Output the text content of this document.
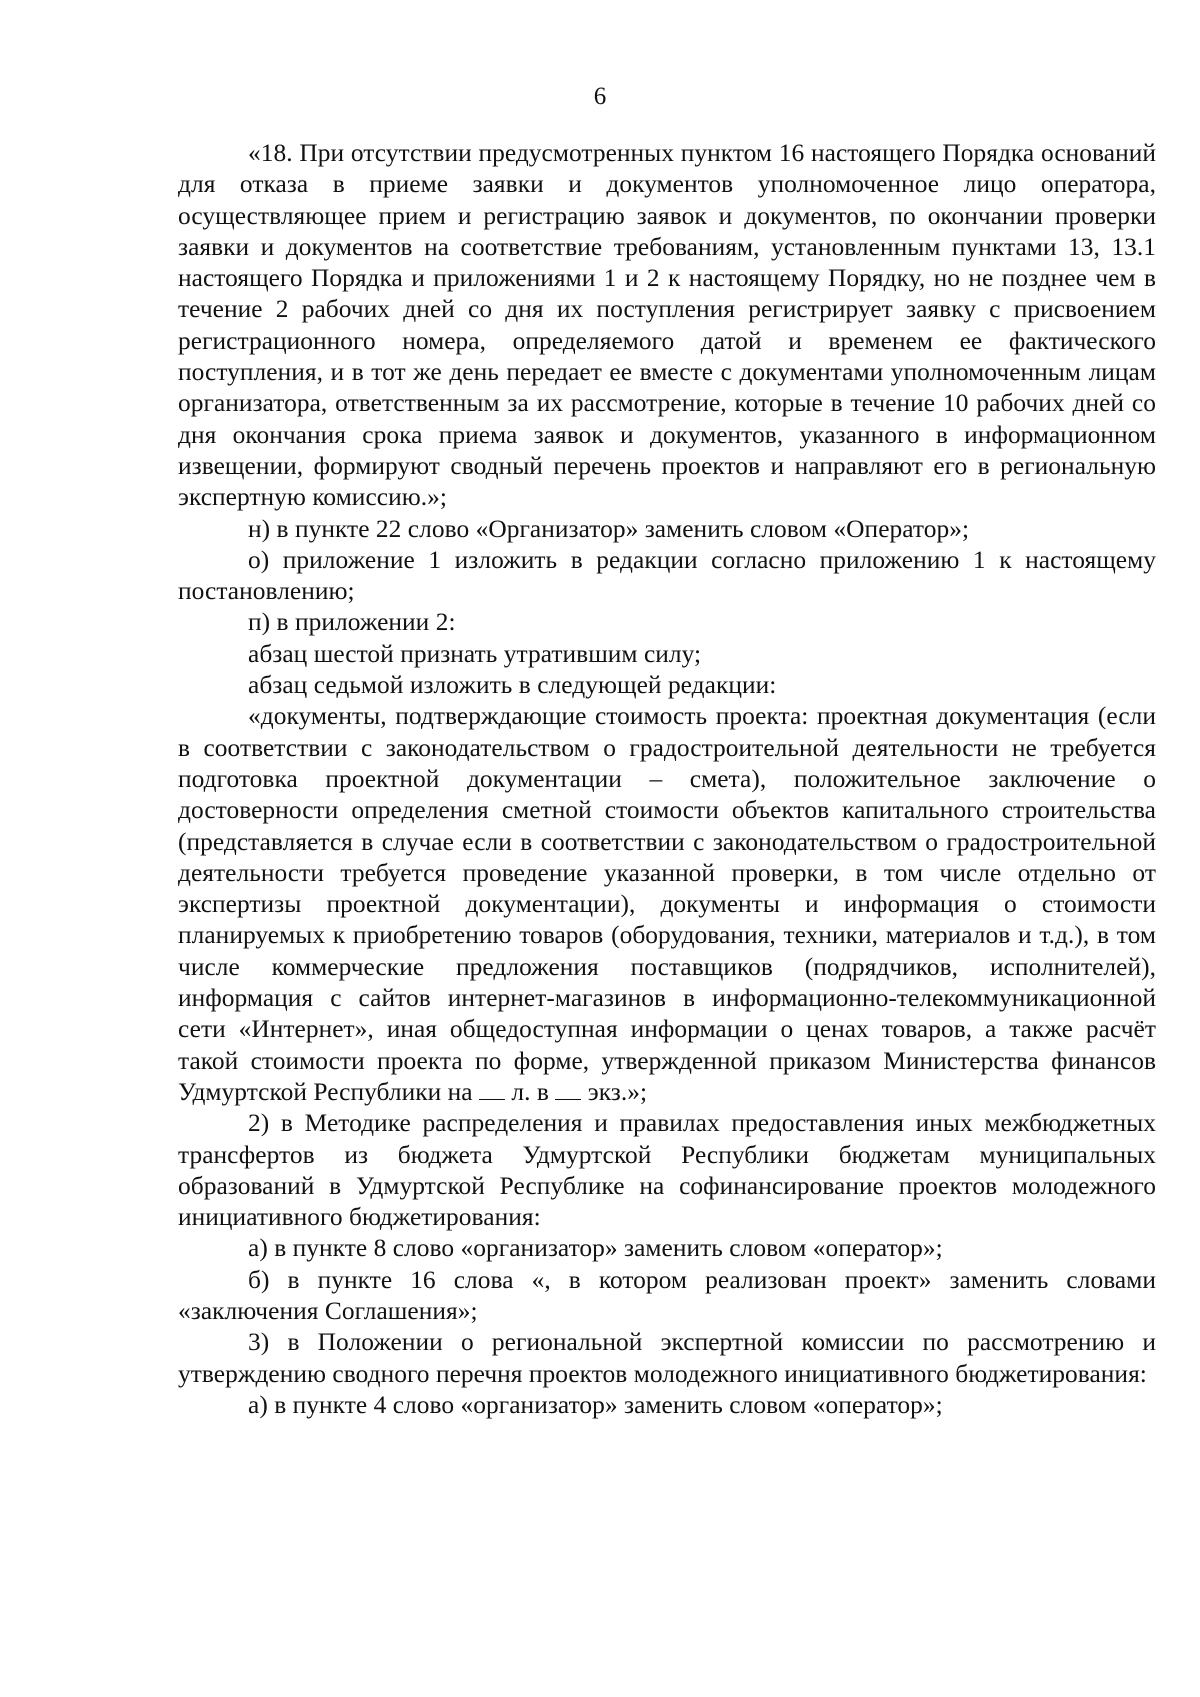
6

«18. При отсутствии предусмотренных пунктом 16 настоящего Порядка оснований для отказа в приеме заявки и документов уполномоченное лицо оператора, осуществляющее прием и регистрацию заявок и документов, по окончании проверки заявки и документов на соответствие требованиям, установленным пунктами 13, 13.1 настоящего Порядка и приложениями 1 и 2 к настоящему Порядку, но не позднее чем в течение 2 рабочих дней со дня их поступления регистрирует заявку с присвоением регистрационного номера, определяемого датой и временем ее фактического поступления, и в тот же день передает ее вместе с документами уполномоченным лицам организатора, ответственным за их рассмотрение, которые в течение 10 рабочих дней со дня окончания срока приема заявок и документов, указанного в информационном извещении, формируют сводный перечень проектов и направляют его в региональную экспертную комиссию.»;

н) в пункте 22 слово «Организатор» заменить словом «Оператор»;

о) приложение 1 изложить в редакции согласно приложению 1 к настоящему постановлению;

п) в приложении 2:

абзац шестой признать утратившим силу;

абзац седьмой изложить в следующей редакции:

«документы, подтверждающие стоимость проекта: проектная документация (если в соответствии с законодательством о градостроительной деятельности не требуется подготовка проектной документации – смета), положительное заключение о достоверности определения сметной стоимости объектов капитального строительства (представляется в случае если в соответствии с законодательством о градостроительной деятельности требуется проведение указанной проверки, в том числе отдельно от экспертизы проектной документации), документы и информация о стоимости планируемых к приобретению товаров (оборудования, техники, материалов и т.д.), в том числе коммерческие предложения поставщиков (подрядчиков, исполнителей), информация с сайтов интернет-магазинов в информационно-телекоммуникационной сети «Интернет», иная общедоступная информации о ценах товаров, а также расчёт такой стоимости проекта по форме, утвержденной приказом Министерства финансов Удмуртской Республики на л. в экз.»;

2) в Методике распределения и правилах предоставления иных межбюджетных трансфертов из бюджета Удмуртской Республики бюджетам муниципальных образований в Удмуртской Республике на софинансирование проектов молодежного инициативного бюджетирования:

а) в пункте 8 слово «организатор» заменить словом «оператор»;

б) в пункте 16 слова «, в котором реализован проект» заменить словами «заключения Соглашения»;

3) в Положении о региональной экспертной комиссии по рассмотрению и утверждению сводного перечня проектов молодежного инициативного бюджетирования:

а) в пункте 4 слово «организатор» заменить словом «оператор»;
